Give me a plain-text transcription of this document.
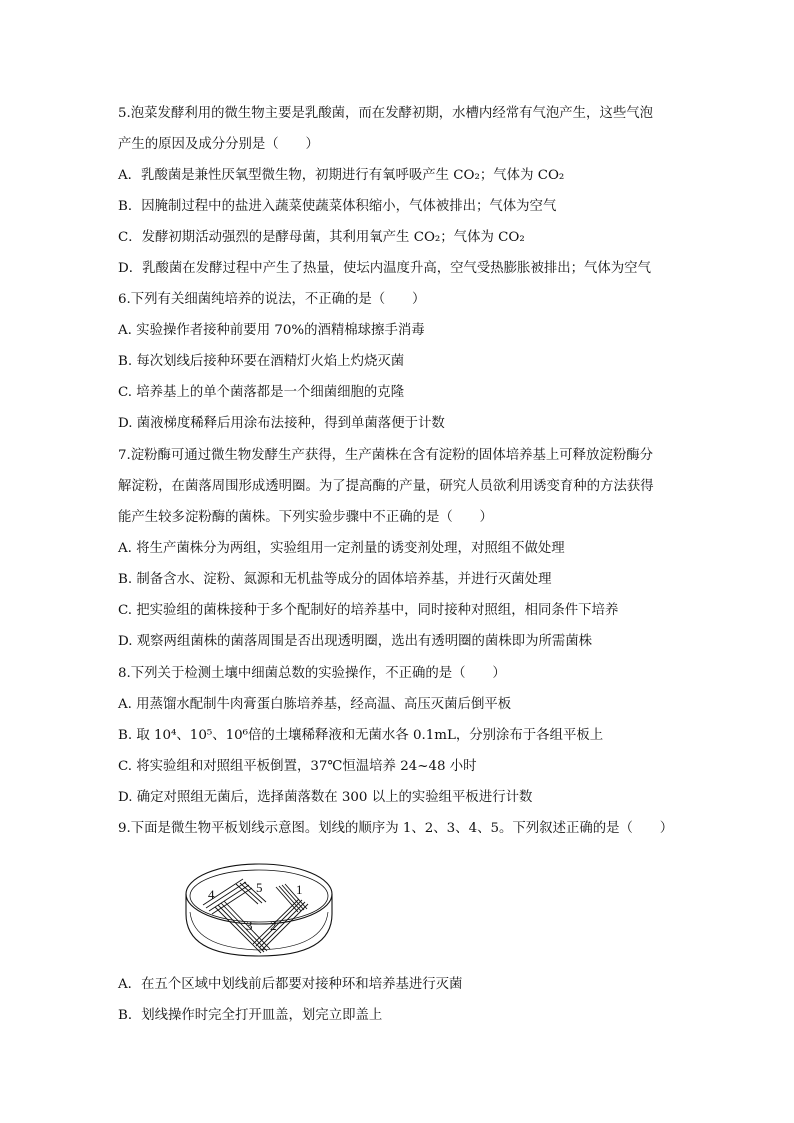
5.泡菜发酵利用的微生物主要是乳酸菌，而在发酵初期，水槽内经常有气泡产生，这些气泡
产生的原因及成分分别是（　　）
A．乳酸菌是兼性厌氧型微生物，初期进行有氧呼吸产生 CO₂；气体为 CO₂
B．因腌制过程中的盐进入蔬菜使蔬菜体积缩小，气体被排出；气体为空气
C．发酵初期活动强烈的是酵母菌，其利用氧产生 CO₂；气体为 CO₂
D．乳酸菌在发酵过程中产生了热量，使坛内温度升高，空气受热膨胀被排出；气体为空气
6.下列有关细菌纯培养的说法，不正确的是（　　）
A. 实验操作者接种前要用 70%的酒精棉球擦手消毒
B. 每次划线后接种环要在酒精灯火焰上灼烧灭菌
C. 培养基上的单个菌落都是一个细菌细胞的克隆
D. 菌液梯度稀释后用涂布法接种，得到单菌落便于计数
7.淀粉酶可通过微生物发酵生产获得，生产菌株在含有淀粉的固体培养基上可释放淀粉酶分
解淀粉，在菌落周围形成透明圈。为了提高酶的产量，研究人员欲利用诱变育种的方法获得
能产生较多淀粉酶的菌株。下列实验步骤中不正确的是（　　）
A. 将生产菌株分为两组，实验组用一定剂量的诱变剂处理，对照组不做处理
B. 制备含水、淀粉、氮源和无机盐等成分的固体培养基，并进行灭菌处理
C. 把实验组的菌株接种于多个配制好的培养基中，同时接种对照组，相同条件下培养
D. 观察两组菌株的菌落周围是否出现透明圈，选出有透明圈的菌株即为所需菌株
8.下列关于检测土壤中细菌总数的实验操作，不正确的是（　　）
A. 用蒸馏水配制牛肉膏蛋白胨培养基，经高温、高压灭菌后倒平板
B. 取 10⁴、10⁵、10⁶倍的土壤稀释液和无菌水各 0.1mL，分别涂布于各组平板上
C. 将实验组和对照组平板倒置，37℃恒温培养 24~48 小时
D. 确定对照组无菌后，选择菌落数在 300 以上的实验组平板进行计数
9.下面是微生物平板划线示意图。划线的顺序为 1、2、3、4、5。下列叙述正确的是（　　）
1
2
3
4	5
A．在五个区域中划线前后都要对接种环和培养基进行灭菌
B．划线操作时完全打开皿盖，划完立即盖上
